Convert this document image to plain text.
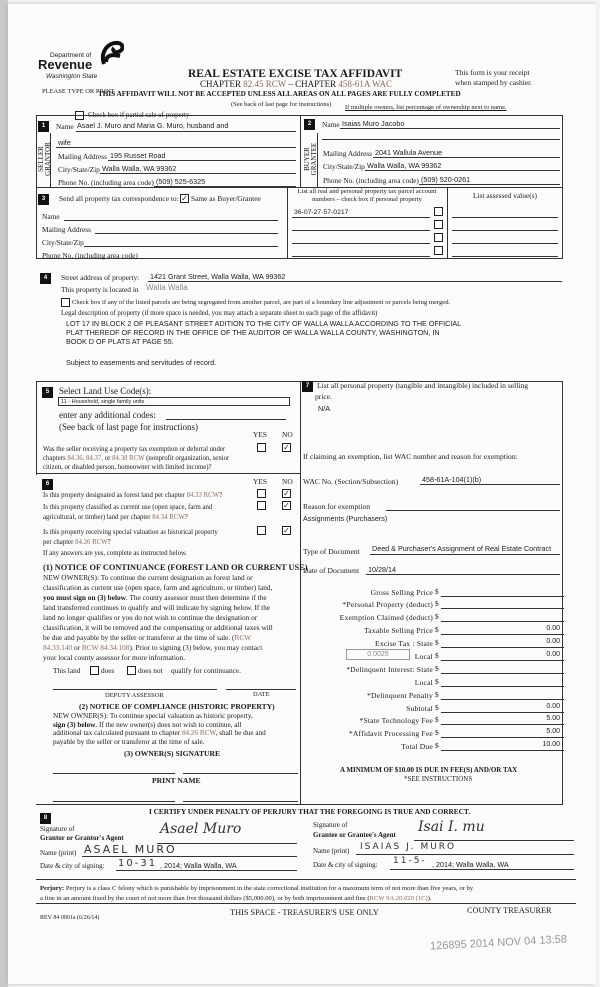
Department of
Revenue
Washington State	REAL ESTATE EXCISE TAX AFFIDAVIT
CHAPTER 82.45 RCW – CHAPTER 458-61A WAC
PLEASE TYPE OR PRINT
This form is your receipt
when stamped by cashier.
THIS AFFIDAVIT WILL NOT BE ACCEPTED UNLESS ALL AREAS ON ALL PAGES ARE FULLY COMPLETED
(See back of last page for instructions)
Check box if partial sale of property
If multiple owners, list percentage of ownership next to name.
1
SELLER
GRANTOR
Name Asael J. Muro and Maria G. Muro, husband and
wife
Mailing Address 195 Russet Road
City/State/Zip Walla Walla, WA 99362
Phone No. (including area code) (509) 525-6325
2
BUYER
GRANTEE
Name Isaias Muro Jacobo
Mailing Address 2041 Wallula Avenue
City/State/Zip Walla Walla, WA 99362
Phone No. (including area code) (509) 520-0261
3	Send all property tax correspondence to: ✓ Same as Buyer/Grantee
Name
Mailing Address
City/State/Zip
Phone No. (including area code)
List all real and personal property tax parcel account
numbers – check box if personal property
36-07-27-57-0217
List assessed value(s)
4	Street address of property: 1421 Grant Street, Walla Walla, WA 99362
This property is located in Walla Walla
Check box if any of the listed parcels are being segregated from another parcel, are part of a boundary line adjustment or parcels being merged.
Legal description of property (if more space is needed, you may attach a separate sheet to each page of the affidavit)
LOT 17 IN BLOCK 2 OF PLEASANT STREET ADITION TO THE CITY OF WALLA WALLA ACCORDING TO THE OFFICIAL
PLAT THEREOF OF RECORD IN THE OFFICE OF THE AUDITOR OF WALLA WALLA COUNTY, WASHINGTON, IN
BOOK D OF PLATS AT PAGE 55.
Subject to easements and servitudes of record.
5	Select Land Use Code(s):
11 - Household, single family units
enter any additional codes:
(See back of last page for instructions)
YES NO
Was the seller receiving a property tax exemption or deferral under
chapters 84.36, 84.37, or 84.38 RCW (nonprofit organization, senior
citizen, or disabled person, homeowner with limited income)?
✓
6	YES NO
Is this property designated as forest land per chapter 84.33 RCW?	✓
Is this property classified as current use (open space, farm and
agricultural, or timber) land per chapter 84.34 RCW?
✓
Is this property receiving special valuation as historical property
per chapter 84.26 RCW?
✓
If any answers are yes, complete as instructed below.
(1) NOTICE OF CONTINUANCE (FOREST LAND OR CURRENT USE)
NEW OWNER(S): To continue the current designation as forest land or
classification as current use (open space, farm and agriculture, or timber) land,
you must sign on (3) below. The county assessor must then determine if the
land transferred continues to qualify and will indicate by signing below. If the
land no longer qualifies or you do not wish to continue the designation or
classification, it will be removed and the compensating or additional taxes will
be due and payable by the seller or transferor at the time of sale. (RCW
84.33.140 or RCW 84.34.108). Prior to signing (3) below, you may contact
your local county assessor for more information.
This land	does	does not qualify for continuance.
DEPUTY ASSESSOR	DATE
(2) NOTICE OF COMPLIANCE (HISTORIC PROPERTY)
NEW OWNER(S): To continue special valuation as historic property,
sign (3) below. If the new owner(s) does not wish to continue, all
additional tax calculated pursuant to chapter 84.26 RCW, shall be due and
payable by the seller or transferor at the time of sale.
(3) OWNER(S) SIGNATURE
PRINT NAME
7	List all personal property (tangible and intangible) included in selling
price.
N/A
If claiming an exemption, list WAC number and reason for exemption:
WAC No. (Section/Subsection)	458-61A-104(1)(b)
Reason for exemption
Assignments (Purchasers)
Type of Document Deed & Purchaser's Assignment of Real Estate Contract
Date of Document 10/28/14
Gross Selling Price $
*Personal Property (deduct) $
Exemption Claimed (deduct) $
Taxable Selling Price $	0.00
Excise Tax : State $	0.00
Local $	0.00
*Delinquent Interest: State $
Local $
*Delinquent Penalty $
Subtotal $	0.00
*State Technology Fee $	5.00
*Affidavit Processing Fee $	5.00
Total Due $	10.00
0.0025
A MINIMUM OF $10.00 IS DUE IN FEE(S) AND/OR TAX
*SEE INSTRUCTIONS
8
I CERTIFY UNDER PENALTY OF PERJURY THAT THE FOREGOING IS TRUE AND CORRECT.
Signature of
Grantor or Grantor's Agent
Asael Muro
Name (print) ASAEL MURO
Date & city of signing: 10-31 , 2014; Walla Walla, WA
Signature of
Grantee or Grantee's Agent Isai I. mu
Name (print) ISAIAS J. MURO
Date & city of signing: 11-5- , 2014; Walla Walla, WA
Perjury: Perjury is a class C felony which is punishable by imprisonment in the state correctional institution for a maximum term of not more than five years, or by
a fine in an amount fixed by the court of not more than five thousand dollars ($5,000.00), or by both imprisonment and fine (RCW 9A.20.020 (1C)).
REV 84 0001a (6/26/14)
THIS SPACE - TREASURER'S USE ONLY	COUNTY TREASURER
126895 2014 NOV 04 13:58
